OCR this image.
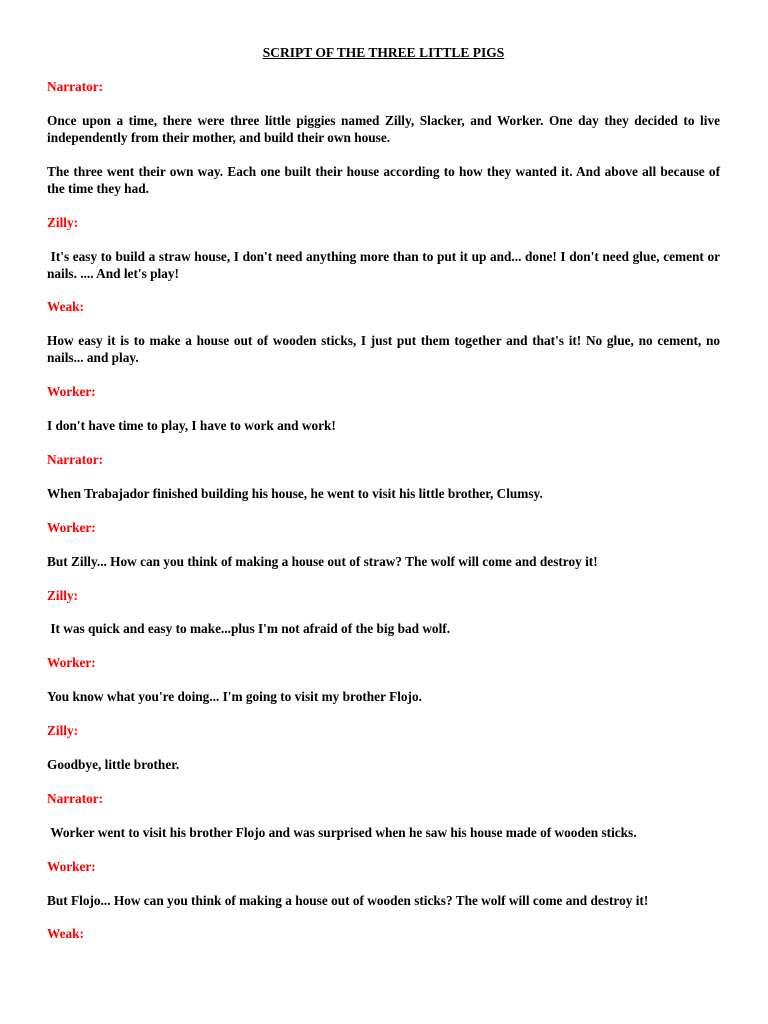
SCRIPT OF THE THREE LITTLE PIGS
Narrator:
Once upon a time, there were three little piggies named Zilly, Slacker, and Worker. One day they decided to live independently from their mother, and build their own house.
The three went their own way. Each one built their house according to how they wanted it. And above all because of the time they had.
Zilly:
It's easy to build a straw house, I don't need anything more than to put it up and... done! I don't need glue, cement or nails. .... And let's play!
Weak:
How easy it is to make a house out of wooden sticks, I just put them together and that's it! No glue, no cement, no nails... and play.
Worker:
I don't have time to play, I have to work and work!
Narrator:
When Trabajador finished building his house, he went to visit his little brother, Clumsy.
Worker:
But Zilly... How can you think of making a house out of straw? The wolf will come and destroy it!
Zilly:
It was quick and easy to make...plus I'm not afraid of the big bad wolf.
Worker:
You know what you're doing... I'm going to visit my brother Flojo.
Zilly:
Goodbye, little brother.
Narrator:
Worker went to visit his brother Flojo and was surprised when he saw his house made of wooden sticks.
Worker:
But Flojo... How can you think of making a house out of wooden sticks? The wolf will come and destroy it!
Weak:
